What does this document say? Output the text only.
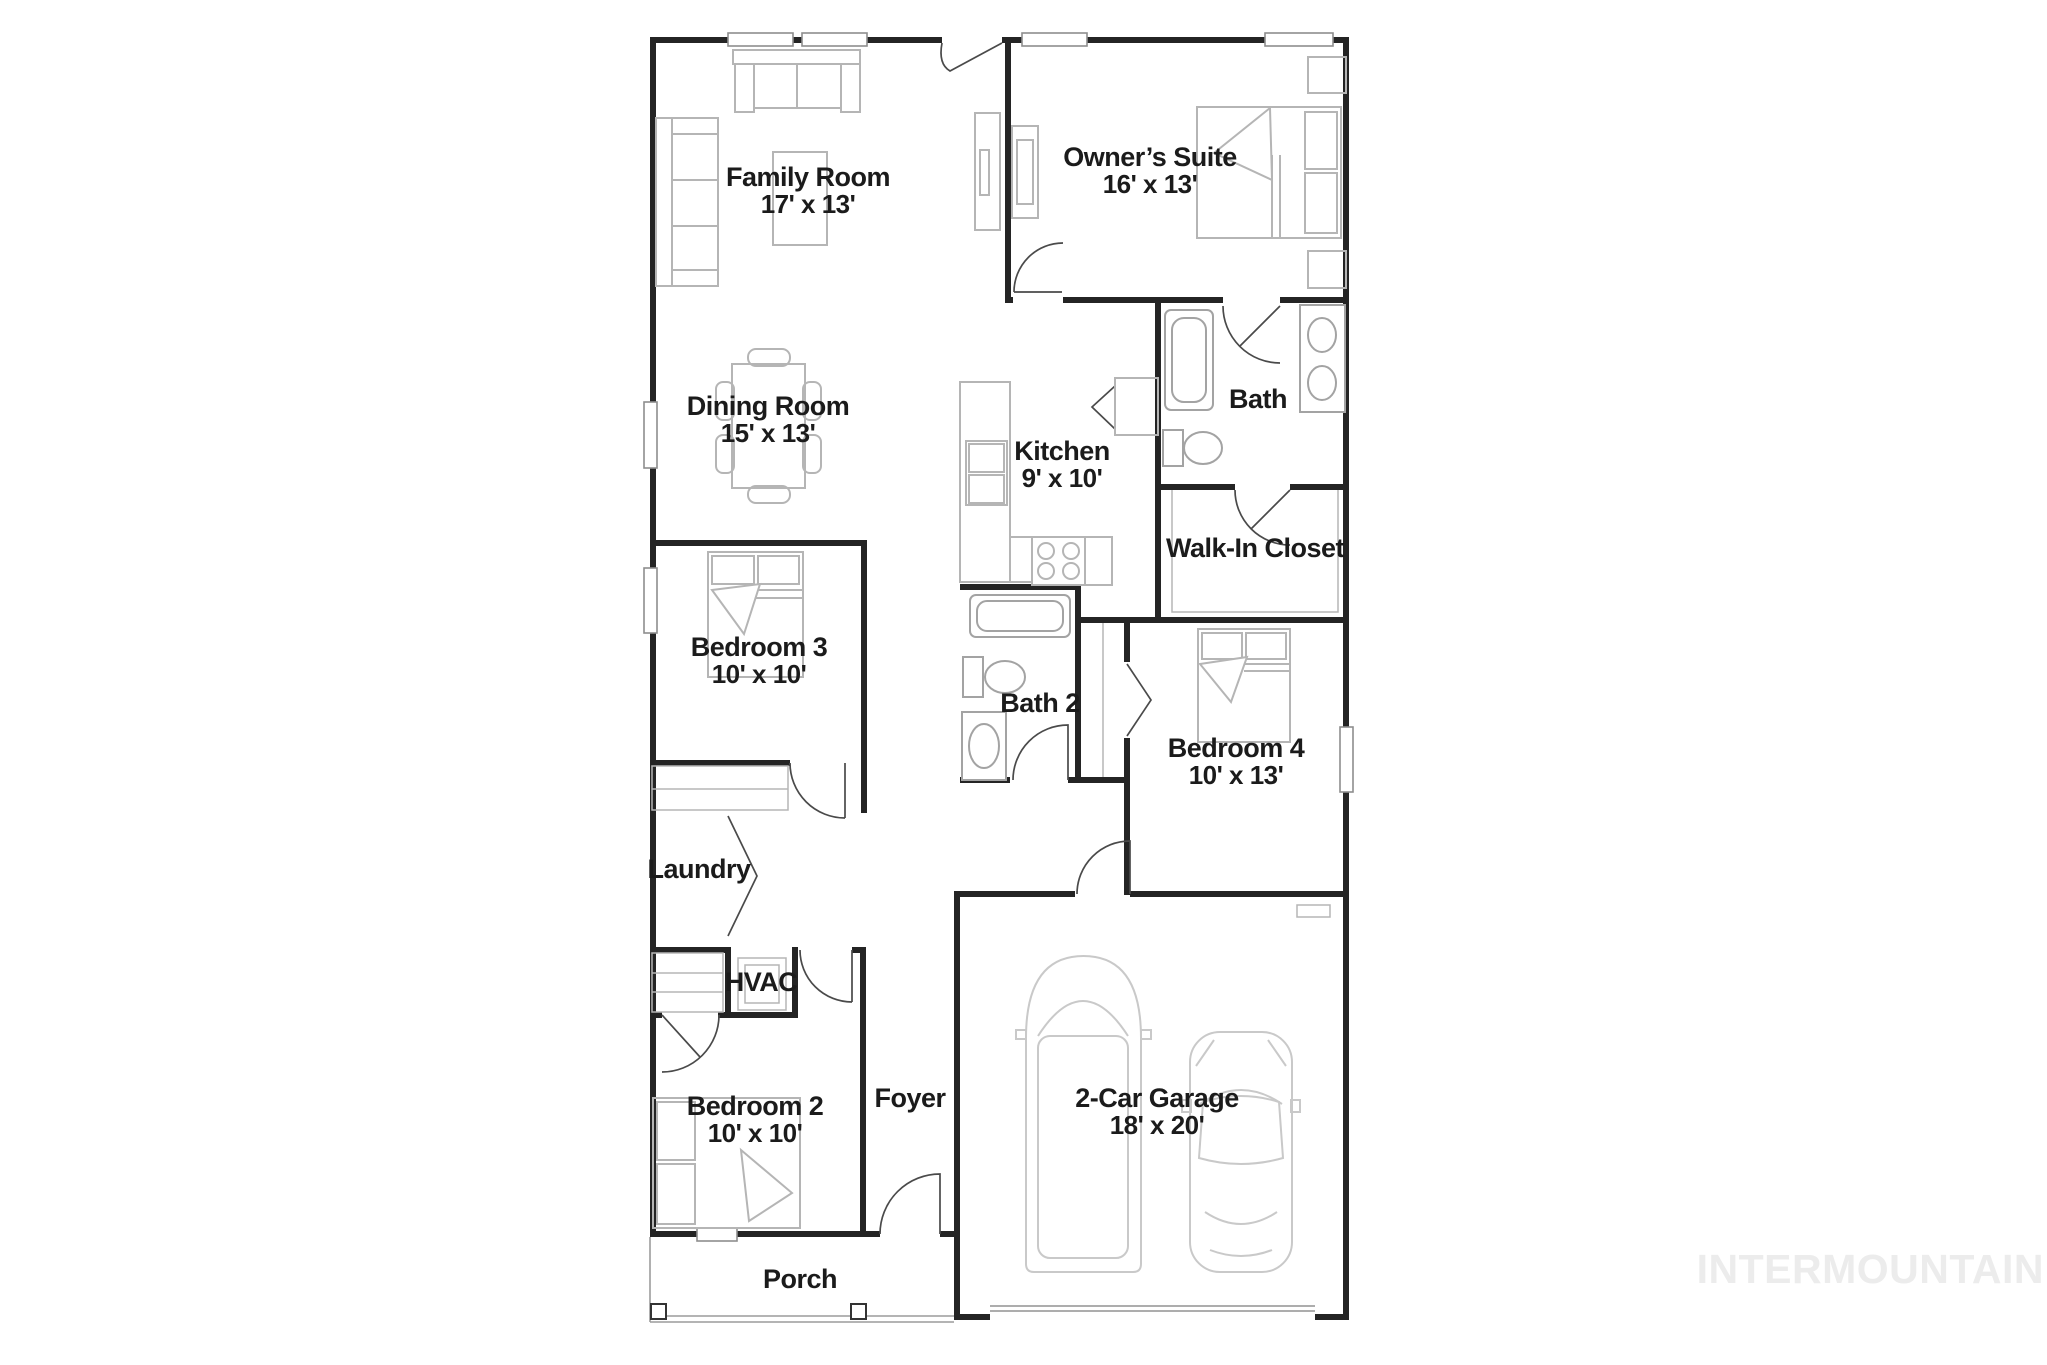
Family Room
17' x 13'
Owner’s Suite
16' x 13'
Dining Room
15' x 13'
Kitchen
9' x 10'
Bath
Walk-In Closet
Bedroom 3
10' x 10'
Bath 2
Bedroom 4
10' x 13'
Laundry
HVAC
Foyer
Bedroom 2
10' x 10'
2-Car Garage
18' x 20'
Porch	INTERMOUNTAIN
